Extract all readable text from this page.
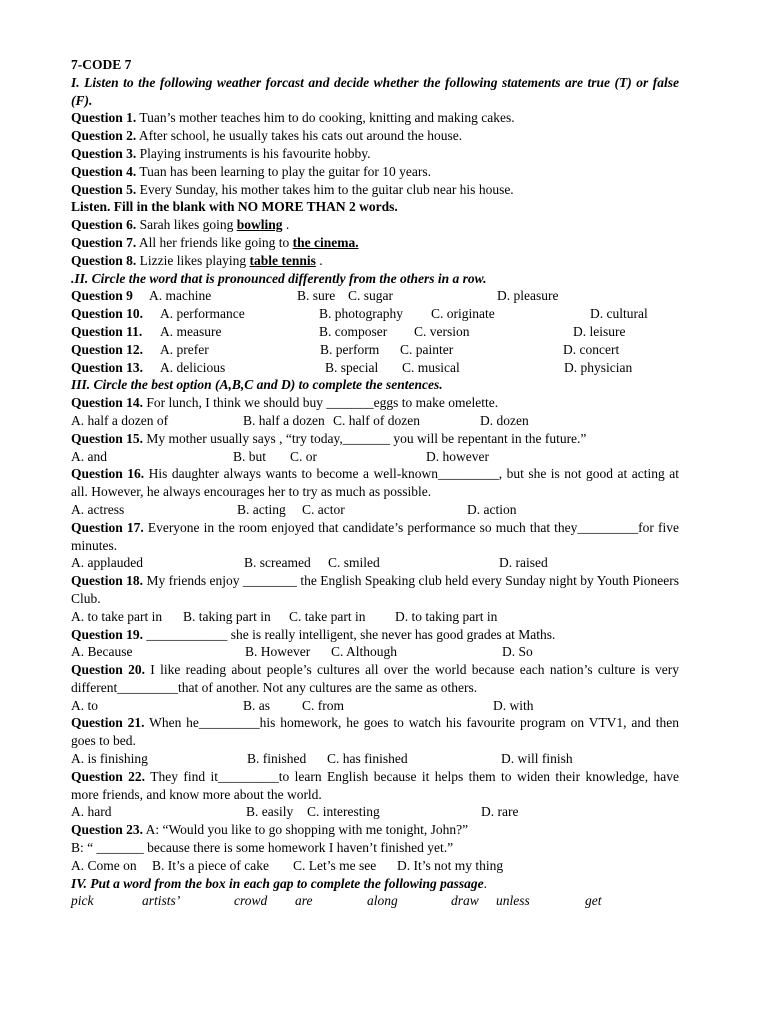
7-CODE 7
I. Listen to the following weather forcast and decide whether the following statements are true (T) or false (F).
Question 1. Tuan’s mother teaches him to do cooking, knitting and making cakes.
Question 2. After school, he usually takes his cats out around the house.
Question 3. Playing instruments is his favourite hobby.
Question 4. Tuan has been learning to play the guitar for 10 years.
Question 5. Every Sunday, his mother takes him to the guitar club near his house.
Listen. Fill in the blank with NO MORE THAN 2 words.
Question 6. Sarah likes going bowling .
Question 7. All her friends like going to the cinema.
Question 8. Lizzie likes playing table tennis .
.II. Circle the word that is pronounced differently from the others in a row.
Question 9 A. machine	B. sure C. sugar	D. pleasure
Question 10. A. performance	B. photography C. originate	D. cultural
Question 11. A. measure	B. composer C. version	D. leisure
Question 12. A. prefer	B. perform C. painter	D. concert
Question 13. A. delicious	B. special C. musical	D. physician
III. Circle the best option (A,B,C and D) to complete the sentences.
Question 14. For lunch, I think we should buy _______eggs to make omelette.
A. half a dozen of	B. half a dozen C. half of dozen	D. dozen
Question 15. My mother usually says , “try today,_______ you will be repentant in the future.”
A. and	B. but C. or	D. however
Question 16. His daughter always wants to become a well-known_________, but she is not good at acting at all. However, he always encourages her to try as much as possible.
A. actress	B. acting C. actor	D. action
Question 17. Everyone in the room enjoyed that candidate’s performance so much that they_________for five minutes.
A. applauded	B. screamed C. smiled	D. raised
Question 18. My friends enjoy ________ the English Speaking club held every Sunday night by Youth Pioneers Club.
A. to take part in B. taking part in C. take part in D. to taking part in
Question 19. ____________ she is really intelligent, she never has good grades at Maths.
A. Because	B. However C. Although	D. So
Question 20. I like reading about people’s cultures all over the world because each nation’s culture is very different_________that of another. Not any cultures are the same as others.
A. to	B. as C. from	D. with
Question 21. When he_________his homework, he goes to watch his favourite program on VTV1, and then goes to bed.
A. is finishing	B. finished C. has finished	D. will finish
Question 22. They find it_________to learn English because it helps them to widen their knowledge, have more friends, and know more about the world.
A. hard	B. easily C. interesting	D. rare
Question 23. A: “Would you like to go shopping with me tonight, John?”
B: “ _______ because there is some homework I haven’t finished yet.”
A. Come on B. It’s a piece of cake C. Let’s me see D. It’s not my thing
IV. Put a word from the box in each gap to complete the following passage.
pick	artists’	crowd are	along	draw unless	get
